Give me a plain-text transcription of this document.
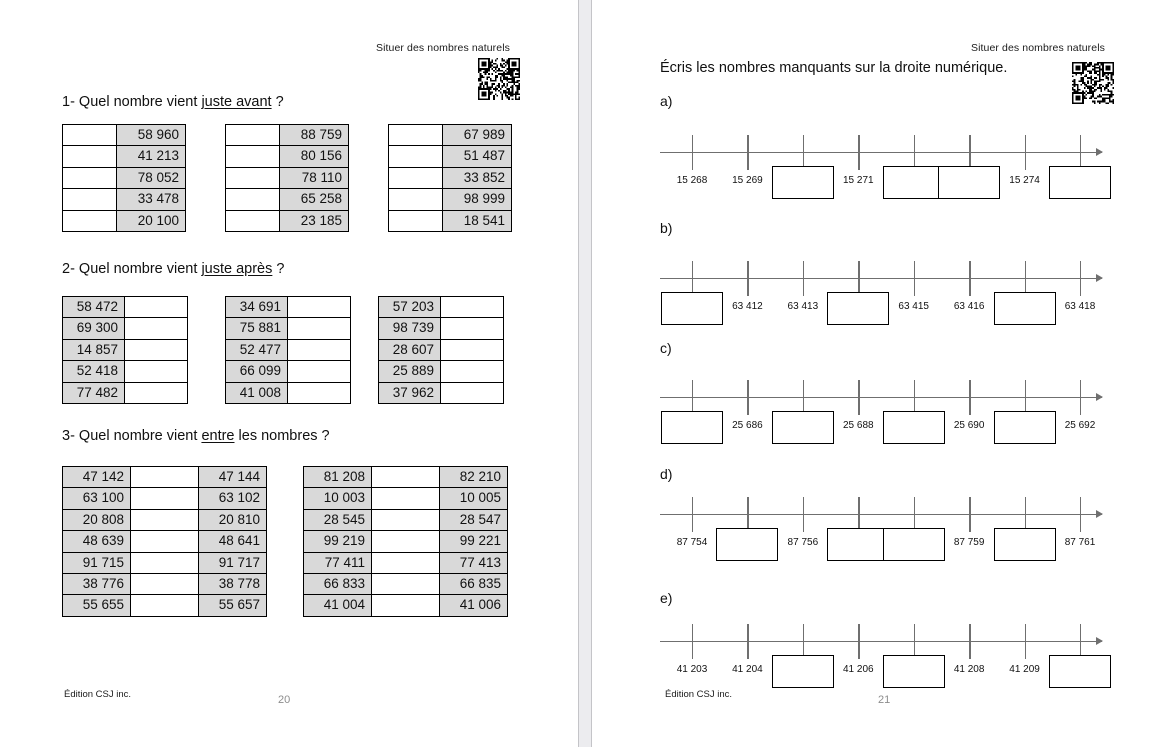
Situer des nombres naturels
1- Quel nombre vient juste avant ?
	58 960
	41 213
	78 052
	33 478
	20 100
	88 759
	80 156
	78 110
	65 258
	23 185
	67 989
	51 487
	33 852
	98 999
	18 541
2- Quel nombre vient juste après ?
58 472	
69 300	
14 857	
52 418	
77 482	
34 691	
75 881	
52 477	
66 099	
41 008	
57 203	
98 739	
28 607	
25 889	
37 962	
3- Quel nombre vient entre les nombres ?
47 142		47 144
63 100		63 102
20 808		20 810
48 639		48 641
91 715		91 717
38 776		38 778
55 655		55 657
81 208		82 210
10 003		10 005
28 545		28 547
99 219		99 221
77 411		77 413
66 833		66 835
41 004		41 006
Édition CSJ inc.	20
Situer des nombres naturels
Écris les nombres manquants sur la droite numérique.
a)
15 268 15 269	15 271	15 274
b)
63 412 63 413	63 415 63 416	63 418
c)
25 686	25 688	25 690	25 692
d)
87 754	87 756	87 759	87 761
e)
41 203 41 204	41 206	41 208 41 209
Édition CSJ inc.	21
